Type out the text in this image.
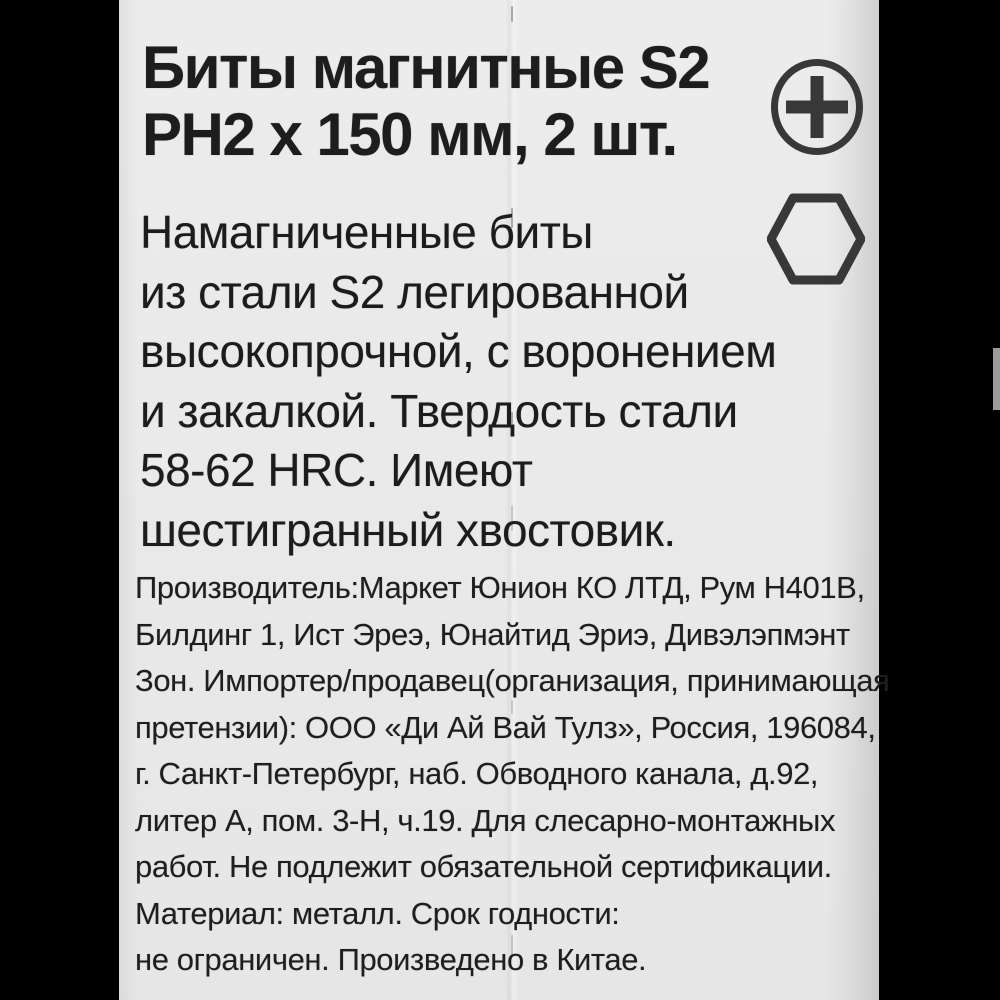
Биты магнитные S2
PH2 x 150 мм, 2 шт.
Намагниченные биты
из стали S2 легированной
высокопрочной, с воронением
и закалкой. Твердость стали
58-62 HRC. Имеют
шестигранный хвостовик.
Производитель:Маркет Юнион КО ЛТД, Рум Н401В,
Билдинг 1, Ист Эреэ, Юнайтид Эриэ, Дивэлэпмэнт
Зон. Импортер/продавец(организация, принимающая
претензии): ООО «Ди Ай Вай Тулз», Россия, 196084,
г. Санкт-Петербург, наб. Обводного канала, д.92,
литер А, пом. 3-Н, ч.19. Для слесарно-монтажных
работ. Не подлежит обязательной сертификации.
Материал: металл. Срок годности:
не ограничен. Произведено в Китае.
